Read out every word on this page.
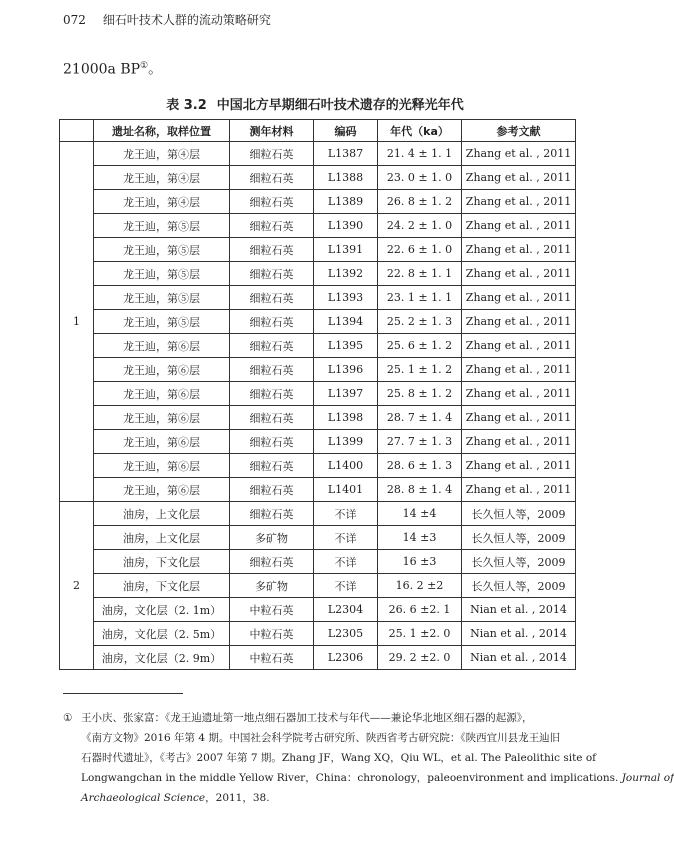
072 细石叶技术人群的流动策略研究
21000a BP①。
表 3.2 中国北方早期细石叶技术遗存的光释光年代
	遗址名称，取样位置	测年材料	编码	年代（ka）	参考文献
1	龙王辿，第④层	细粒石英	L1387	21. 4 ± 1. 1	Zhang et al. , 2011
	龙王辿，第④层	细粒石英	L1388	23. 0 ± 1. 0	Zhang et al. , 2011
	龙王辿，第④层	细粒石英	L1389	26. 8 ± 1. 2	Zhang et al. , 2011
	龙王辿，第⑤层	细粒石英	L1390	24. 2 ± 1. 0	Zhang et al. , 2011
	龙王辿，第⑤层	细粒石英	L1391	22. 6 ± 1. 0	Zhang et al. , 2011
	龙王辿，第⑤层	细粒石英	L1392	22. 8 ± 1. 1	Zhang et al. , 2011
	龙王辿，第⑤层	细粒石英	L1393	23. 1 ± 1. 1	Zhang et al. , 2011
	龙王辿，第⑤层	细粒石英	L1394	25. 2 ± 1. 3	Zhang et al. , 2011
	龙王辿，第⑥层	细粒石英	L1395	25. 6 ± 1. 2	Zhang et al. , 2011
	龙王辿，第⑥层	细粒石英	L1396	25. 1 ± 1. 2	Zhang et al. , 2011
	龙王辿，第⑥层	细粒石英	L1397	25. 8 ± 1. 2	Zhang et al. , 2011
	龙王辿，第⑥层	细粒石英	L1398	28. 7 ± 1. 4	Zhang et al. , 2011
	龙王辿，第⑥层	细粒石英	L1399	27. 7 ± 1. 3	Zhang et al. , 2011
	龙王辿，第⑥层	细粒石英	L1400	28. 6 ± 1. 3	Zhang et al. , 2011
	龙王辿，第⑥层	细粒石英	L1401	28. 8 ± 1. 4	Zhang et al. , 2011
2	油房，上文化层	细粒石英	不详	14 ±4	长久恒人等，2009
	油房，上文化层	多矿物	不详	14 ±3	长久恒人等，2009
	油房，下文化层	细粒石英	不详	16 ±3	长久恒人等，2009
	油房，下文化层	多矿物	不详	16. 2 ±2	长久恒人等，2009
	油房，文化层（2. 1m）	中粒石英	L2304	26. 6 ±2. 1	Nian et al. , 2014
	油房，文化层（2. 5m）	中粒石英	L2305	25. 1 ±2. 0	Nian et al. , 2014
	油房，文化层（2. 9m）	中粒石英	L2306	29. 2 ±2. 0	Nian et al. , 2014
① 王小庆、张家富：《龙王辿遗址第一地点细石器加工技术与年代——兼论华北地区细石器的起源》，
《南方文物》2016 年第 4 期。中国社会科学院考古研究所、陕西省考古研究院：《陕西宜川县龙王辿旧
石器时代遗址》，《考古》2007 年第 7 期。Zhang JF，Wang XQ，Qiu WL，et al. The Paleolithic site of
Longwangchan in the middle Yellow River，China：chronology，paleoenvironment and implications. Journal of
Archaeological Science，2011，38.
